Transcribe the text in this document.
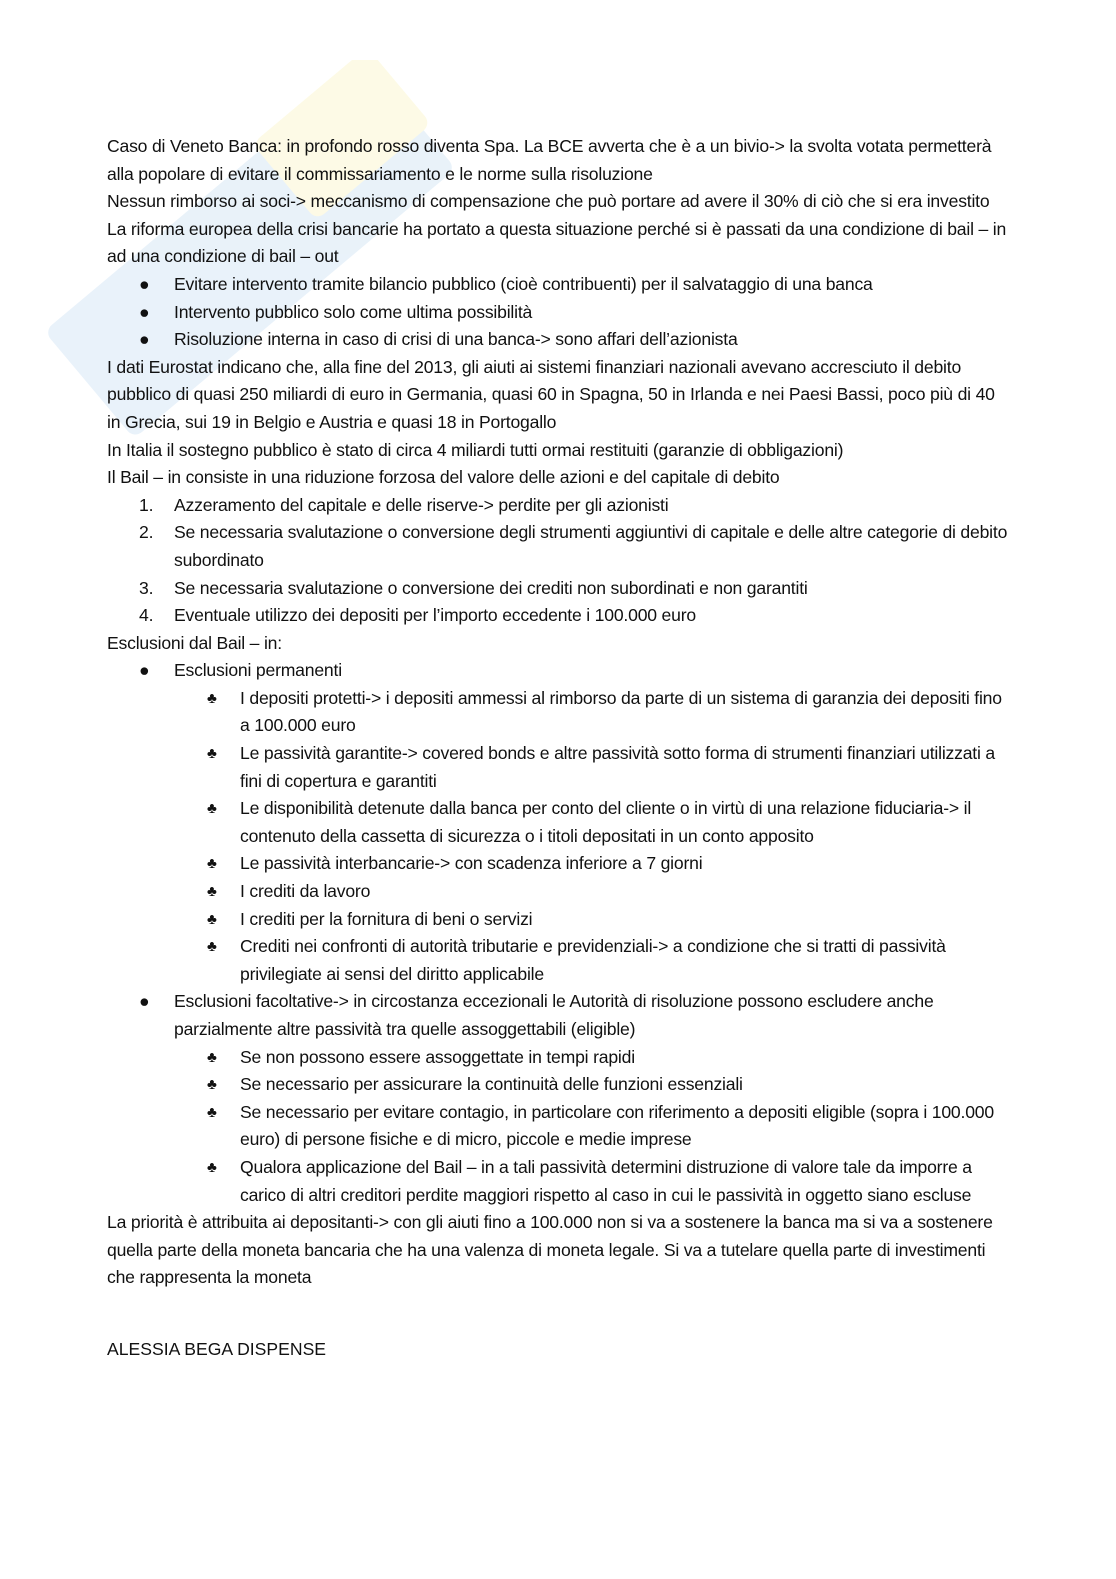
Caso di Veneto Banca: in profondo rosso diventa Spa. La BCE avverta che è a un bivio-> la svolta votata permetterà alla popolare di evitare il commissariamento e le norme sulla risoluzione

Nessun rimborso ai soci-> meccanismo di compensazione che può portare ad avere il 30% di ciò che si era investito

La riforma europea della crisi bancarie ha portato a questa situazione perché si è passati da una condizione di bail – in ad una condizione di bail – out

● Evitare intervento tramite bilancio pubblico (cioè contribuenti) per il salvataggio di una banca
● Intervento pubblico solo come ultima possibilità
● Risoluzione interna in caso di crisi di una banca-> sono affari dell’azionista

I dati Eurostat indicano che, alla fine del 2013, gli aiuti ai sistemi finanziari nazionali avevano accresciuto il debito pubblico di quasi 250 miliardi di euro in Germania, quasi 60 in Spagna, 50 in Irlanda e nei Paesi Bassi, poco più di 40 in Grecia, sui 19 in Belgio e Austria e quasi 18 in Portogallo

In Italia il sostegno pubblico è stato di circa 4 miliardi tutti ormai restituiti (garanzie di obbligazioni)

Il Bail – in consiste in una riduzione forzosa del valore delle azioni e del capitale di debito

1. Azzeramento del capitale e delle riserve-> perdite per gli azionisti
2. Se necessaria svalutazione o conversione degli strumenti aggiuntivi di capitale e delle altre categorie di debito subordinato
3. Se necessaria svalutazione o conversione dei crediti non subordinati e non garantiti
4. Eventuale utilizzo dei depositi per l’importo eccedente i 100.000 euro

Esclusioni dal Bail – in:

● Esclusioni permanenti
♣ I depositi protetti-> i depositi ammessi al rimborso da parte di un sistema di garanzia dei depositi fino a 100.000 euro
♣ Le passività garantite-> covered bonds e altre passività sotto forma di strumenti finanziari utilizzati a fini di copertura e garantiti
♣ Le disponibilità detenute dalla banca per conto del cliente o in virtù di una relazione fiduciaria-> il contenuto della cassetta di sicurezza o i titoli depositati in un conto apposito
♣ Le passività interbancarie-> con scadenza inferiore a 7 giorni
♣ I crediti da lavoro
♣ I crediti per la fornitura di beni o servizi
♣ Crediti nei confronti di autorità tributarie e previdenziali-> a condizione che si tratti di passività privilegiate ai sensi del diritto applicabile
● Esclusioni facoltative-> in circostanza eccezionali le Autorità di risoluzione possono escludere anche parzialmente altre passività tra quelle assoggettabili (eligible)
♣ Se non possono essere assoggettate in tempi rapidi
♣ Se necessario per assicurare la continuità delle funzioni essenziali
♣ Se necessario per evitare contagio, in particolare con riferimento a depositi eligible (sopra i 100.000 euro) di persone fisiche e di micro, piccole e medie imprese
♣ Qualora applicazione del Bail – in a tali passività determini distruzione di valore tale da imporre a carico di altri creditori perdite maggiori rispetto al caso in cui le passività in oggetto siano escluse

La priorità è attribuita ai depositanti-> con gli aiuti fino a 100.000 non si va a sostenere la banca ma si va a sostenere quella parte della moneta bancaria che ha una valenza di moneta legale. Si va a tutelare quella parte di investimenti che rappresenta la moneta

ALESSIA BEGA DISPENSE
